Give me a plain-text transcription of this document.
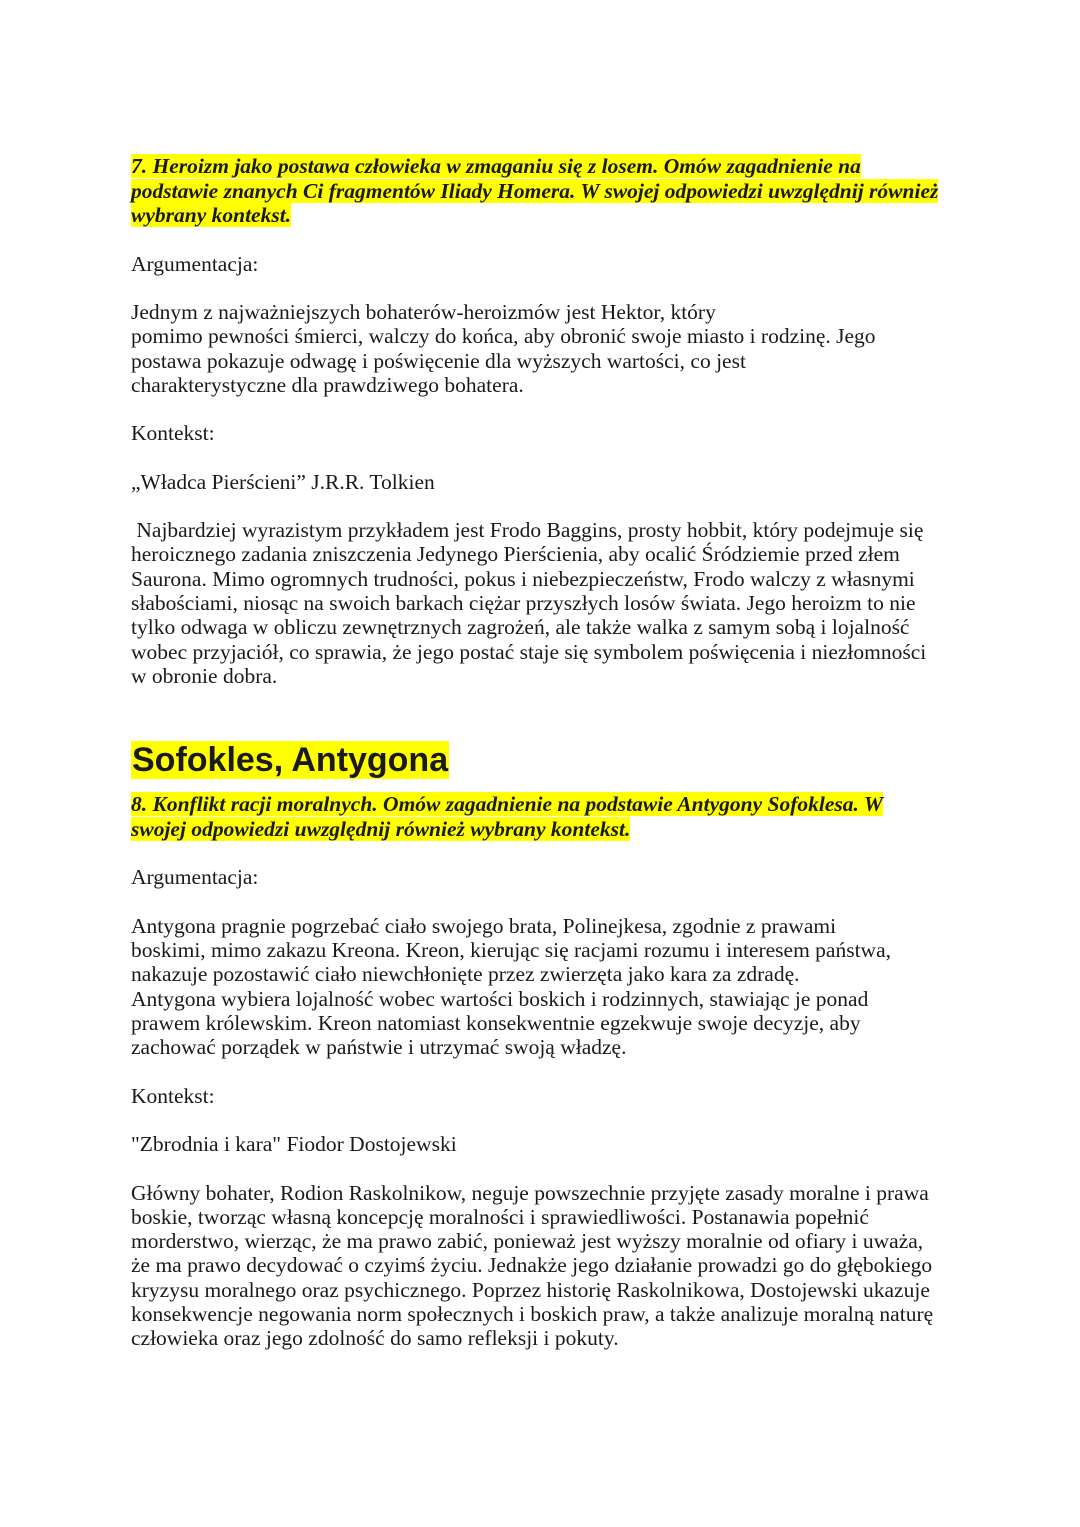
7. Heroizm jako postawa człowieka w zmaganiu się z losem. Omów zagadnienie na
podstawie znanych Ci fragmentów Iliady Homera. W swojej odpowiedzi uwzględnij również
wybrany kontekst.

Argumentacja:

Jednym z najważniejszych bohaterów-heroizmów jest Hektor, który
pomimo pewności śmierci, walczy do końca, aby obronić swoje miasto i rodzinę. Jego
postawa pokazuje odwagę i poświęcenie dla wyższych wartości, co jest
charakterystyczne dla prawdziwego bohatera.

Kontekst:

„Władca Pierścieni” J.R.R. Tolkien

Najbardziej wyrazistym przykładem jest Frodo Baggins, prosty hobbit, który podejmuje się
heroicznego zadania zniszczenia Jedynego Pierścienia, aby ocalić Śródziemie przed złem
Saurona. Mimo ogromnych trudności, pokus i niebezpieczeństw, Frodo walczy z własnymi
słabościami, niosąc na swoich barkach ciężar przyszłych losów świata. Jego heroizm to nie
tylko odwaga w obliczu zewnętrznych zagrożeń, ale także walka z samym sobą i lojalność
wobec przyjaciół, co sprawia, że jego postać staje się symbolem poświęcenia i niezłomności
w obronie dobra.

Sofokles, Antygona

8. Konflikt racji moralnych. Omów zagadnienie na podstawie Antygony Sofoklesa. W
swojej odpowiedzi uwzględnij również wybrany kontekst.

Argumentacja:

Antygona pragnie pogrzebać ciało swojego brata, Polinejkesa, zgodnie z prawami
boskimi, mimo zakazu Kreona. Kreon, kierując się racjami rozumu i interesem państwa,
nakazuje pozostawić ciało niewchłonięte przez zwierzęta jako kara za zdradę.
Antygona wybiera lojalność wobec wartości boskich i rodzinnych, stawiając je ponad
prawem królewskim. Kreon natomiast konsekwentnie egzekwuje swoje decyzje, aby
zachować porządek w państwie i utrzymać swoją władzę.

Kontekst:

"Zbrodnia i kara" Fiodor Dostojewski

Główny bohater, Rodion Raskolnikow, neguje powszechnie przyjęte zasady moralne i prawa
boskie, tworząc własną koncepcję moralności i sprawiedliwości. Postanawia popełnić
morderstwo, wierząc, że ma prawo zabić, ponieważ jest wyższy moralnie od ofiary i uważa,
że ma prawo decydować o czyimś życiu. Jednakże jego działanie prowadzi go do głębokiego
kryzysu moralnego oraz psychicznego. Poprzez historię Raskolnikowa, Dostojewski ukazuje
konsekwencje negowania norm społecznych i boskich praw, a także analizuje moralną naturę
człowieka oraz jego zdolność do samo refleksji i pokuty.
